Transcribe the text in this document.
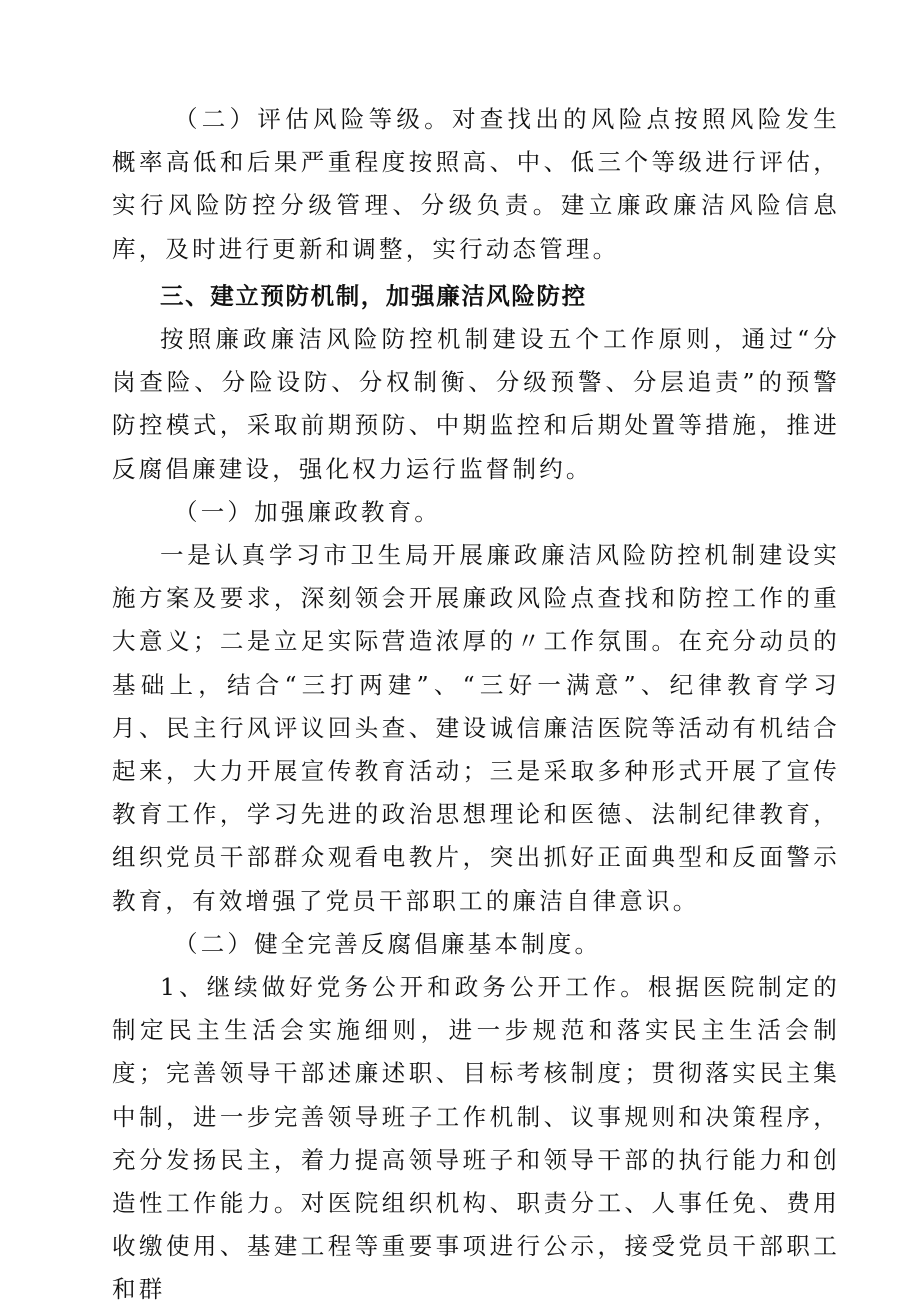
（二）评估风险等级。对查找出的风险点按照风险发生概率高低和后果严重程度按照高、中、低三个等级进行评估，实行风险防控分级管理、分级负责。建立廉政廉洁风险信息库，及时进行更新和调整，实行动态管理。

三、建立预防机制，加强廉洁风险防控

按照廉政廉洁风险防控机制建设五个工作原则，通过“分岗查险、分险设防、分权制衡、分级预警、分层追责”的预警防控模式，采取前期预防、中期监控和后期处置等措施，推进反腐倡廉建设，强化权力运行监督制约。

（一）加强廉政教育。

一是认真学习市卫生局开展廉政廉洁风险防控机制建设实施方案及要求，深刻领会开展廉政风险点查找和防控工作的重大意义；二是立足实际营造浓厚的〃工作氛围。在充分动员的基础上，结合“三打两建”、“三好一满意”、纪律教育学习月、民主行风评议回头查、建设诚信廉洁医院等活动有机结合起来，大力开展宣传教育活动；三是采取多种形式开展了宣传教育工作，学习先进的政治思想理论和医德、法制纪律教育，组织党员干部群众观看电教片，突出抓好正面典型和反面警示教育，有效增强了党员干部职工的廉洁自律意识。

（二）健全完善反腐倡廉基本制度。

1、继续做好党务公开和政务公开工作。根据医院制定的制定民主生活会实施细则，进一步规范和落实民主生活会制度；完善领导干部述廉述职、目标考核制度；贯彻落实民主集中制，进一步完善领导班子工作机制、议事规则和决策程序，充分发扬民主，着力提高领导班子和领导干部的执行能力和创造性工作能力。对医院组织机构、职责分工、人事任免、费用收缴使用、基建工程等重要事项进行公示，接受党员干部职工和群
